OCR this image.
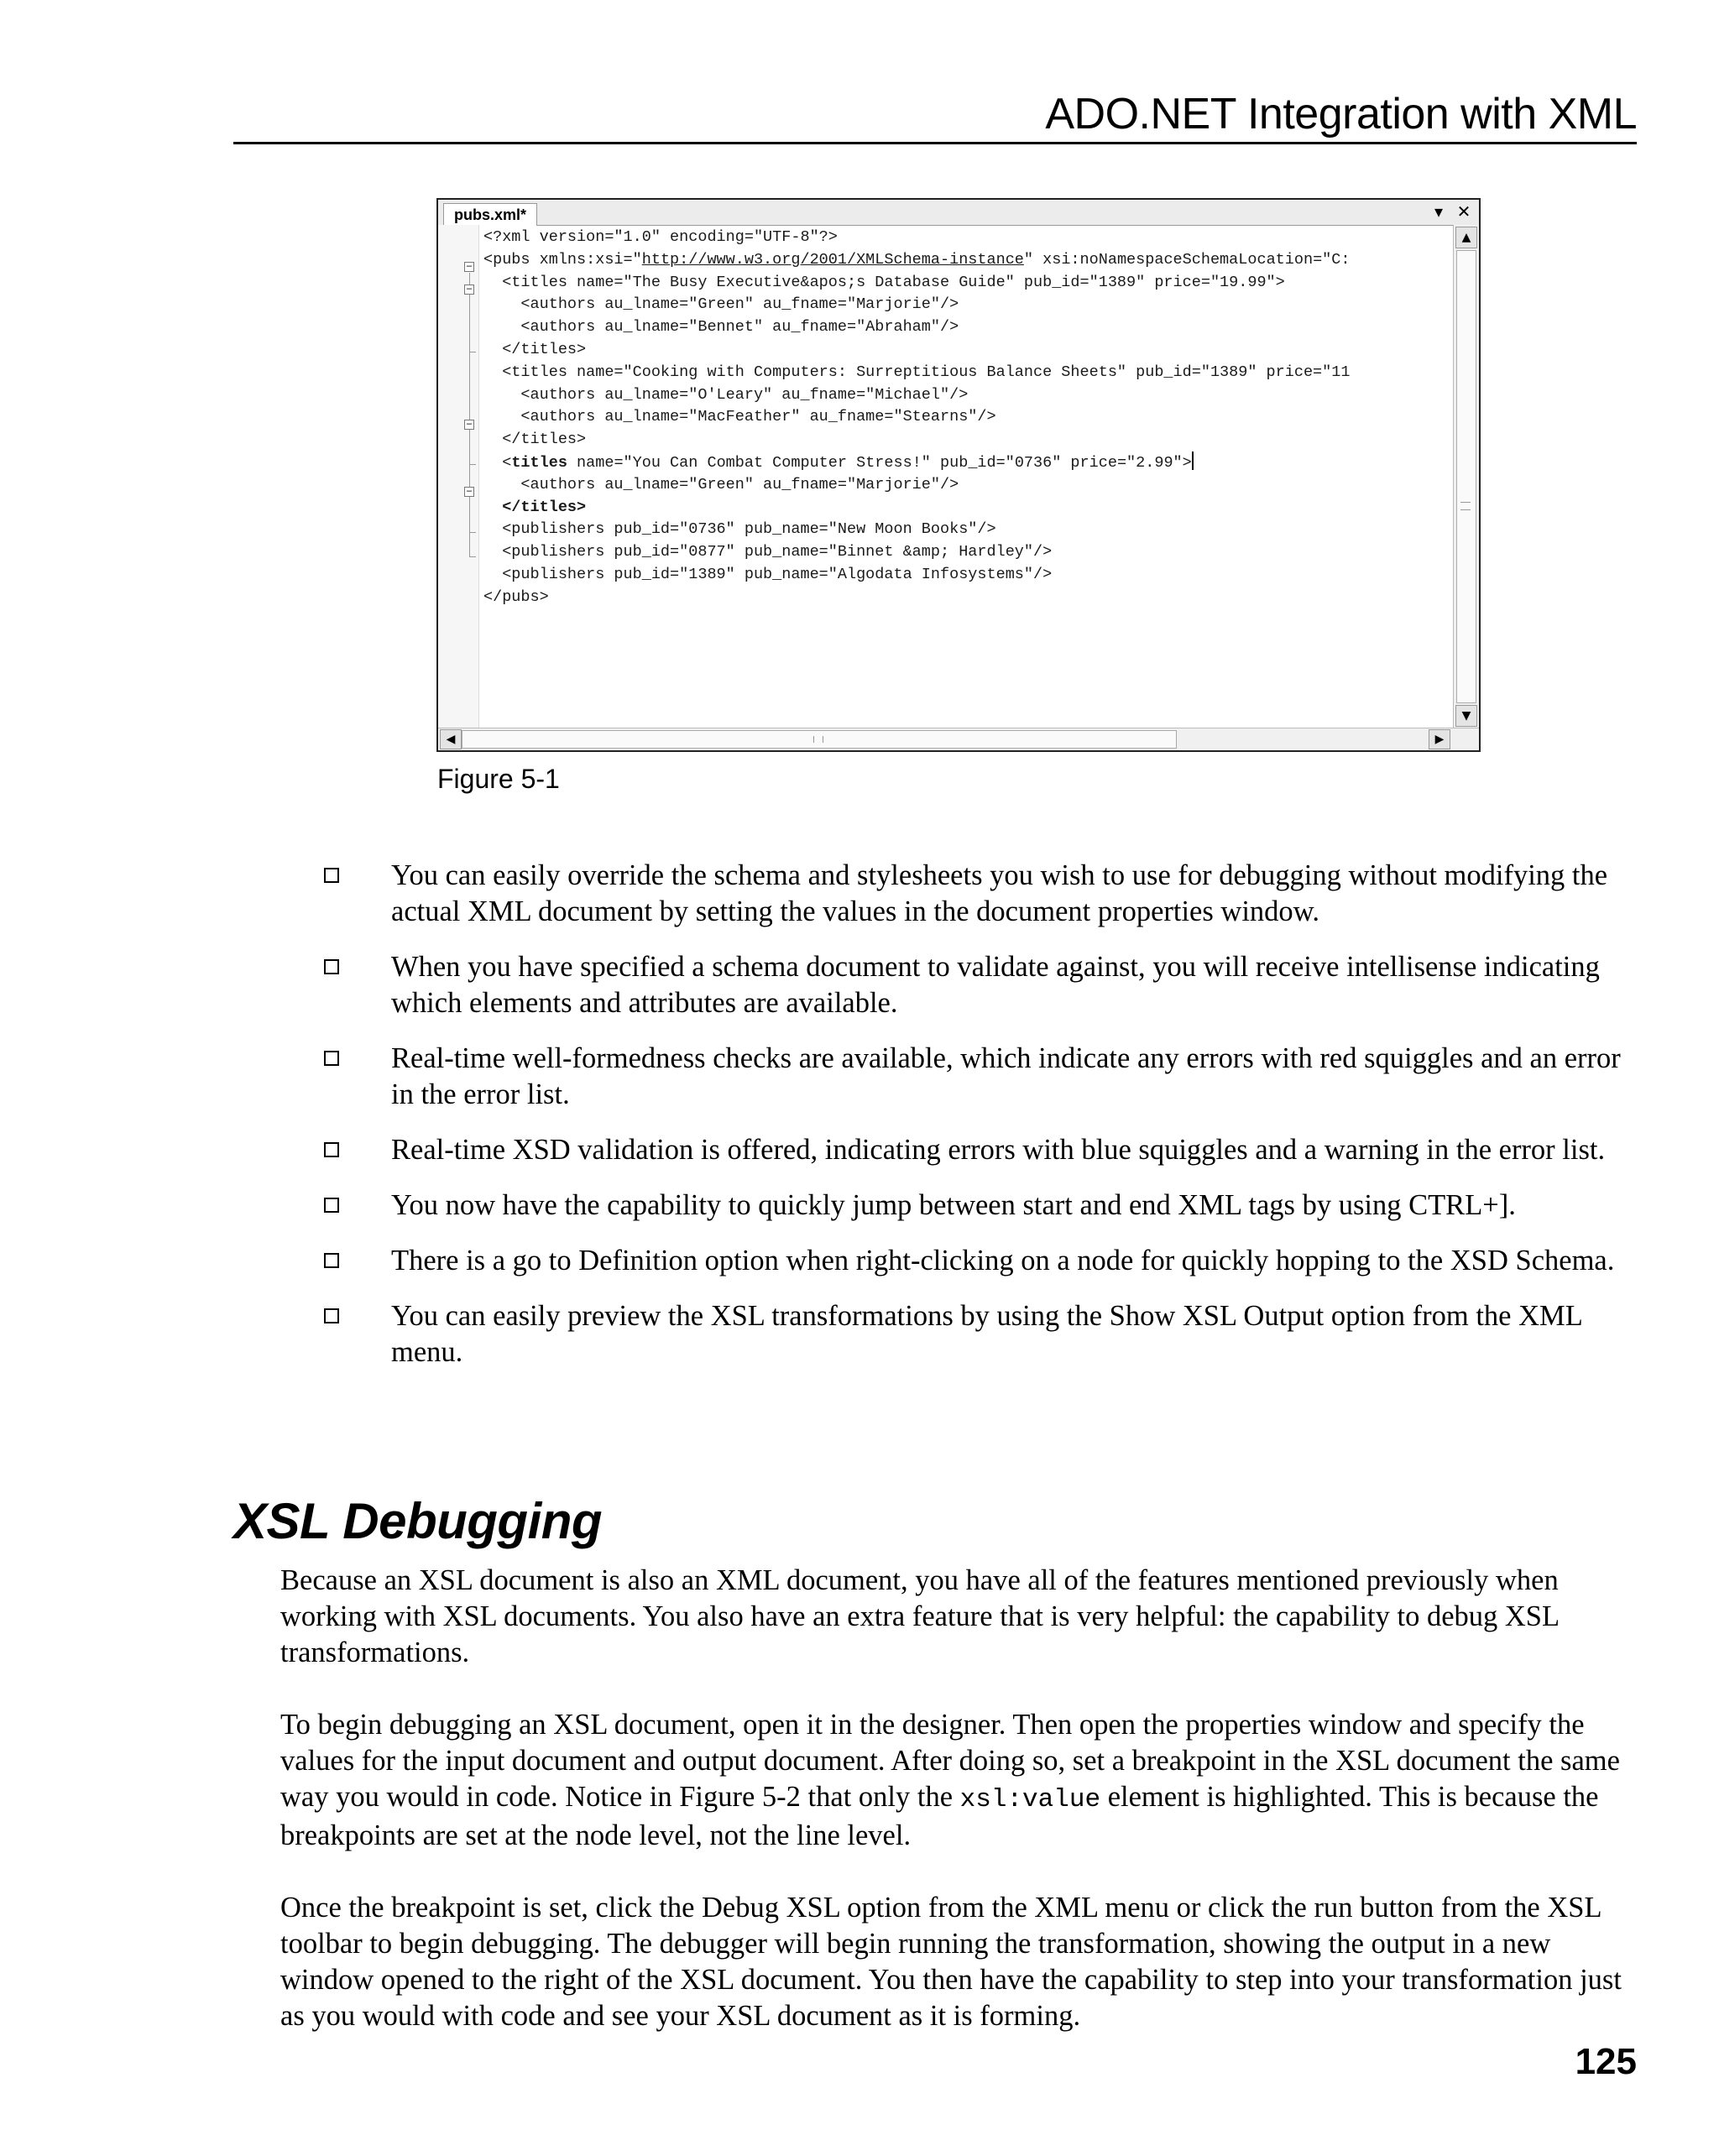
ADO.NET Integration with XML
pubs.xml*	▾ ✕
−
−
−
−
<?xml version="1.0" encoding="UTF-8"?>
<pubs xmlns:xsi="http://www.w3.org/2001/XMLSchema-instance" xsi:noNamespaceSchemaLocation="C:
<titles name="The Busy Executive&apos;s Database Guide" pub_id="1389" price="19.99">
<authors au_lname="Green" au_fname="Marjorie"/>
<authors au_lname="Bennet" au_fname="Abraham"/>
</titles>
<titles name="Cooking with Computers: Surreptitious Balance Sheets" pub_id="1389" price="11
<authors au_lname="O'Leary" au_fname="Michael"/>
<authors au_lname="MacFeather" au_fname="Stearns"/>
</titles>
<titles name="You Can Combat Computer Stress!" pub_id="0736" price="2.99">
<authors au_lname="Green" au_fname="Marjorie"/>
</titles>
<publishers pub_id="0736" pub_name="New Moon Books"/>
<publishers pub_id="0877" pub_name="Binnet &amp; Hardley"/>
<publishers pub_id="1389" pub_name="Algodata Infosystems"/>
</pubs>
▲
▼
◀	▶
Figure 5-1
You can easily override the schema and stylesheets you wish to use for debugging without modifying the actual XML document by setting the values in the document properties window.
When you have specified a schema document to validate against, you will receive intellisense indicating which elements and attributes are available.
Real-time well-formedness checks are available, which indicate any errors with red squiggles and an error in the error list.
Real-time XSD validation is offered, indicating errors with blue squiggles and a warning in the error list.
You now have the capability to quickly jump between start and end XML tags by using CTRL+].
There is a go to Definition option when right-clicking on a node for quickly hopping to the XSD Schema.
You can easily preview the XSL transformations by using the Show XSL Output option from the XML menu.
XSL Debugging

Because an XSL document is also an XML document, you have all of the features mentioned previously when working with XSL documents. You also have an extra feature that is very helpful: the capability to debug XSL transformations.

To begin debugging an XSL document, open it in the designer. Then open the properties window and specify the values for the input document and output document. After doing so, set a breakpoint in the XSL document the same way you would in code. Notice in Figure 5-2 that only the xsl:value element is highlighted. This is because the breakpoints are set at the node level, not the line level.

Once the breakpoint is set, click the Debug XSL option from the XML menu or click the run button from the XSL toolbar to begin debugging. The debugger will begin running the transformation, showing the output in a new window opened to the right of the XSL document. You then have the capability to step into your transformation just as you would with code and see your XSL document as it is forming.

125
